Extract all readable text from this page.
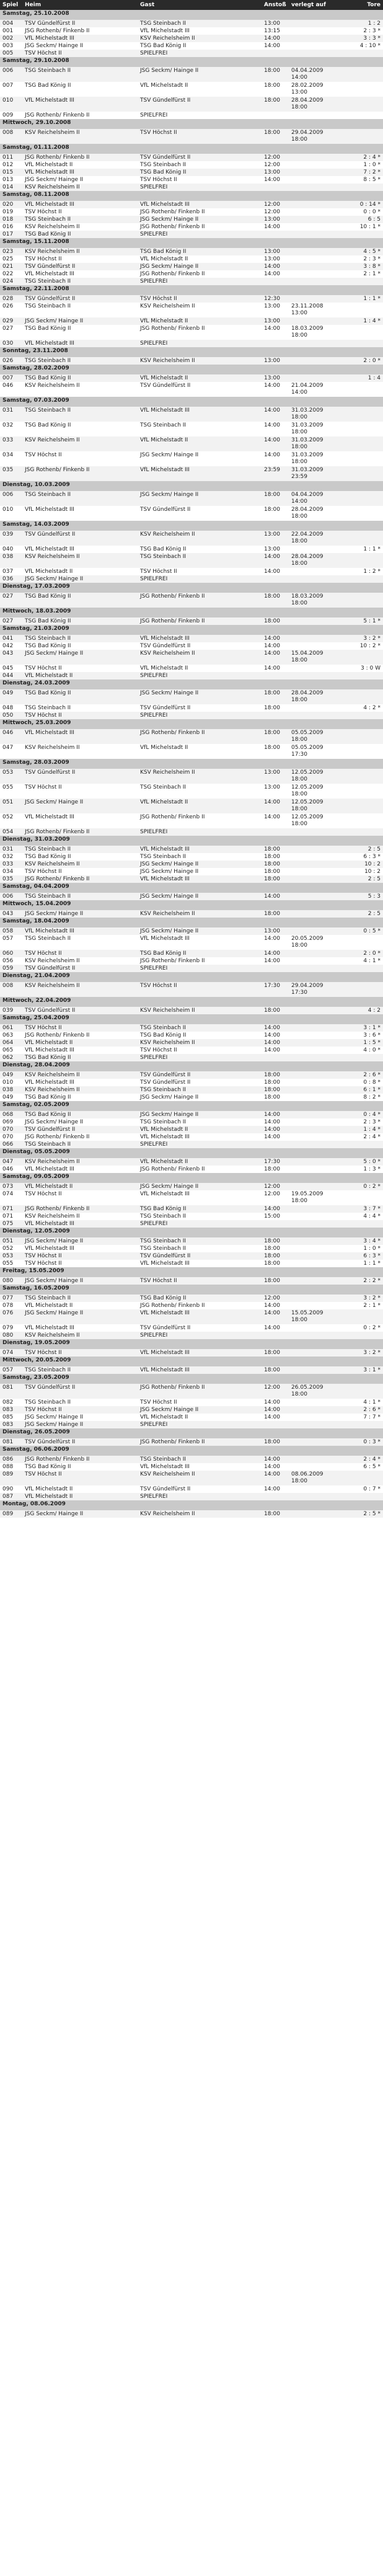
Spiel	Heim	Gast	Anstoß	verlegt auf	Tore
Samstag, 25.10.2008					
004	TSV Gündelfürst II	TSG Steinbach II	13:00		1 : 2
001	JSG Rothenb/ Finkenb II	VfL Michelstadt III	13:15		2 : 3 *
002	VfL Michelstadt III	KSV Reichelsheim II	14:00		3 : 3 *
003	JSG Seckm/ Hainge II	TSG Bad König II	14:00		4 : 10 *
005	TSV Höchst II	SPIELFREI			
Samstag, 29.10.2008					
006	TSG Steinbach II	JSG Seckm/ Hainge II	18:00	04.04.2009 14:00	
007	TSG Bad König II	VfL Michelstadt II	18:00	28.02.2009 13:00	
010	VfL Michelstadt III	TSV Gündelfürst II	18:00	28.04.2009 18:00	
009	JSG Rothenb/ Finkenb II	SPIELFREI			
Mittwoch, 29.10.2008					
008	KSV Reichelsheim II	TSV Höchst II	18:00	29.04.2009 18:00	
Samstag, 01.11.2008					
011	JSG Rothenb/ Finkenb II	TSV Gündelfürst II	12:00		2 : 4 *
012	VfL Michelstadt II	TSG Steinbach II	12:00		1 : 0 *
015	VfL Michelstadt III	TSG Bad König II	13:00		7 : 2 *
013	JSG Seckm/ Hainge II	TSV Höchst II	14:00		8 : 5 *
014	KSV Reichelsheim II	SPIELFREI			
Samstag, 08.11.2008					
020	VfL Michelstadt III	VfL Michelstadt III	12:00		0 : 14 *
019	TSV Höchst II	JSG Rothenb/ Finkenb II	12:00		0 : 0 *
018	TSG Steinbach II	JSG Seckm/ Hainge II	13:00		6 : 5
016	KSV Reichelsheim II	JSG Rothenb/ Finkenb II	14:00		10 : 1 *
017	TSG Bad König II	SPIELFREI			
Samstag, 15.11.2008					
023	KSV Reichelsheim II	TSG Bad König II	13:00		4 : 5 *
025	TSV Höchst II	VfL Michelstadt II	13:00		2 : 3 *
021	TSV Gündelfürst II	JSG Seckm/ Hainge II	14:00		3 : 8 *
022	VfL Michelstadt III	JSG Rothenb/ Finkenb II	14:00		2 : 1 *
024	TSG Steinbach II	SPIELFREI			
Samstag, 22.11.2008					
028	TSV Gündelfürst II	TSV Höchst II	12:30		1 : 1 *
026	TSG Steinbach II	KSV Reichelsheim II	13:00	23.11.2008 13:00	
029	JSG Seckm/ Hainge II	VfL Michelstadt II	13:00		1 : 4 *
027	TSG Bad König II	JSG Rothenb/ Finkenb II	14:00	18.03.2009 18:00	
030	VfL Michelstadt III	SPIELFREI			
Sonntag, 23.11.2008					
026	TSG Steinbach II	KSV Reichelsheim II	13:00		2 : 0 *
Samstag, 28.02.2009					
007	TSG Bad König II	VfL Michelstadt II	13:00		1 : 4
046	KSV Reichelsheim II	TSV Gündelfürst II	14:00	21.04.2009 14:00	
Samstag, 07.03.2009					
031	TSG Steinbach II	VfL Michelstadt III	14:00	31.03.2009 18:00	
032	TSG Bad König II	TSG Steinbach II	14:00	31.03.2009 18:00	
033	KSV Reichelsheim II	VfL Michelstadt II	14:00	31.03.2009 18:00	
034	TSV Höchst II	JSG Seckm/ Hainge II	14:00	31.03.2009 18:00	
035	JSG Rothenb/ Finkenb II	VfL Michelstadt III	23:59	31.03.2009 23:59	
Dienstag, 10.03.2009					
006	TSG Steinbach II	JSG Seckm/ Hainge II	18:00	04.04.2009 14:00	
010	VfL Michelstadt III	TSV Gündelfürst II	18:00	28.04.2009 18:00	
Samstag, 14.03.2009					
039	TSV Gündelfürst II	KSV Reichelsheim II	13:00	22.04.2009 18:00	
040	VfL Michelstadt III	TSG Bad König II	13:00		1 : 1 *
038	KSV Reichelsheim II	TSG Steinbach II	14:00	28.04.2009 18:00	
037	VfL Michelstadt II	TSV Höchst II	14:00		1 : 2 *
036	JSG Seckm/ Hainge II	SPIELFREI			
Dienstag, 17.03.2009					
027	TSG Bad König II	JSG Rothenb/ Finkenb II	18:00	18.03.2009 18:00	
Mittwoch, 18.03.2009					
027	TSG Bad König II	JSG Rothenb/ Finkenb II	18:00		5 : 1 *
Samstag, 21.03.2009					
041	TSG Steinbach II	VfL Michelstadt III	14:00		3 : 2 *
042	TSG Bad König II	TSV Gündelfürst II	14:00		10 : 2 *
043	JSG Seckm/ Hainge II	KSV Reichelsheim II	14:00	15.04.2009 18:00	
045	TSV Höchst II	VfL Michelstadt II	14:00		3 : 0 W
044	VfL Michelstadt II	SPIELFREI			
Dienstag, 24.03.2009					
049	TSG Bad König II	JSG Seckm/ Hainge II	18:00	28.04.2009 18:00	
048	TSG Steinbach II	TSV Gündelfürst II	18:00		4 : 2 *
050	TSV Höchst II	SPIELFREI			
Mittwoch, 25.03.2009					
046	VfL Michelstadt III	JSG Rothenb/ Finkenb II	18:00	05.05.2009 18:00	
047	KSV Reichelsheim II	VfL Michelstadt II	18:00	05.05.2009 17:30	
Samstag, 28.03.2009					
053	TSV Gündelfürst II	KSV Reichelsheim II	13:00	12.05.2009 18:00	
055	TSV Höchst II	TSG Steinbach II	13:00	12.05.2009 18:00	
051	JSG Seckm/ Hainge II	VfL Michelstadt II	14:00	12.05.2009 18:00	
052	VfL Michelstadt III	JSG Rothenb/ Finkenb II	14:00	12.05.2009 18:00	
054	JSG Rothenb/ Finkenb II	SPIELFREI			
Dienstag, 31.03.2009					
031	TSG Steinbach II	VfL Michelstadt III	18:00		2 : 5
032	TSG Bad König II	TSG Steinbach II	18:00		6 : 3 *
033	KSV Reichelsheim II	JSG Seckm/ Hainge II	18:00		10 : 2
034	TSV Höchst II	JSG Seckm/ Hainge II	18:00		10 : 2
035	JSG Rothenb/ Finkenb II	VfL Michelstadt III	18:00		2 : 5
Samstag, 04.04.2009					
006	TSG Steinbach II	JSG Seckm/ Hainge II	14:00		5 : 3
Mittwoch, 15.04.2009					
043	JSG Seckm/ Hainge II	KSV Reichelsheim II	18:00		2 : 5
Samstag, 18.04.2009					
058	VfL Michelstadt III	JSG Seckm/ Hainge II	13:00		0 : 5 *
057	TSG Steinbach II	VfL Michelstadt III	14:00	20.05.2009 18:00	
060	TSV Höchst II	TSG Bad König II	14:00		2 : 0 *
056	KSV Reichelsheim II	JSG Rothenb/ Finkenb II	14:00		4 : 1 *
059	TSV Gündelfürst II	SPIELFREI			
Dienstag, 21.04.2009					
008	KSV Reichelsheim II	TSV Höchst II	17:30	29.04.2009 17:30	
Mittwoch, 22.04.2009					
039	TSV Gündelfürst II	KSV Reichelsheim II	18:00		4 : 2
Samstag, 25.04.2009					
061	TSV Höchst II	TSG Steinbach II	14:00		3 : 1 *
063	JSG Rothenb/ Finkenb II	TSG Bad König II	14:00		3 : 6 *
064	VfL Michelstadt II	KSV Reichelsheim II	14:00		1 : 5 *
065	VfL Michelstadt III	TSV Höchst II	14:00		4 : 0 *
062	TSG Bad König II	SPIELFREI			
Dienstag, 28.04.2009					
049	KSV Reichelsheim II	TSV Gündelfürst II	18:00		2 : 6 *
010	VfL Michelstadt III	TSV Gündelfürst II	18:00		0 : 8 *
038	KSV Reichelsheim II	TSG Steinbach II	18:00		6 : 1 *
049	TSG Bad König II	JSG Seckm/ Hainge II	18:00		8 : 2 *
Samstag, 02.05.2009					
068	TSG Bad König II	JSG Seckm/ Hainge II	14:00		0 : 4 *
069	JSG Seckm/ Hainge II	TSG Steinbach II	14:00		2 : 3 *
070	TSV Gündelfürst II	VfL Michelstadt II	14:00		1 : 4 *
070	JSG Rothenb/ Finkenb II	VfL Michelstadt III	14:00		2 : 4 *
066	TSG Steinbach II	SPIELFREI			
Dienstag, 05.05.2009					
047	KSV Reichelsheim II	VfL Michelstadt II	17:30		5 : 0 *
046	VfL Michelstadt III	JSG Rothenb/ Finkenb II	18:00		1 : 3 *
Samstag, 09.05.2009					
073	VfL Michelstadt II	JSG Seckm/ Hainge II	12:00		0 : 2 *
074	TSV Höchst II	VfL Michelstadt III	12:00	19.05.2009 18:00	
071	JSG Rothenb/ Finkenb II	TSG Bad König II	14:00		3 : 7 *
071	KSV Reichelsheim II	TSG Steinbach II	15:00		4 : 4 *
075	VfL Michelstadt III	SPIELFREI			
Dienstag, 12.05.2009					
051	JSG Seckm/ Hainge II	TSG Steinbach II	18:00		3 : 4 *
052	VfL Michelstadt III	TSG Steinbach II	18:00		1 : 0 *
053	TSV Höchst II	TSV Gündelfürst II	18:00		6 : 3 *
055	TSV Höchst II	VfL Michelstadt III	18:00		1 : 1 *
Freitag, 15.05.2009					
080	JSG Seckm/ Hainge II	TSV Höchst II	18:00		2 : 2 *
Samstag, 16.05.2009					
077	TSG Steinbach II	TSG Bad König II	12:00		3 : 2 *
078	VfL Michelstadt II	JSG Rothenb/ Finkenb II	14:00		2 : 1 *
076	JSG Seckm/ Hainge II	VfL Michelstadt III	14:00	15.05.2009 18:00	
079	VfL Michelstadt III	TSV Gündelfürst II	14:00		0 : 2 *
080	KSV Reichelsheim II	SPIELFREI			
Dienstag, 19.05.2009					
074	TSV Höchst II	VfL Michelstadt III	18:00		3 : 2 *
Mittwoch, 20.05.2009					
057	TSG Steinbach II	VfL Michelstadt III	18:00		3 : 1 *
Samstag, 23.05.2009					
081	TSV Gündelfürst II	JSG Rothenb/ Finkenb II	12:00	26.05.2009 18:00	
082	TSG Steinbach II	TSV Höchst II	14:00		4 : 1 *
083	TSV Höchst II	JSG Seckm/ Hainge II	14:00		2 : 6 *
085	JSG Seckm/ Hainge II	VfL Michelstadt II	14:00		7 : 7 *
083	JSG Seckm/ Hainge II	SPIELFREI			
Dienstag, 26.05.2009					
081	TSV Gündelfürst II	JSG Rothenb/ Finkenb II	18:00		0 : 3 *
Samstag, 06.06.2009					
086	JSG Rothenb/ Finkenb II	TSG Steinbach II	14:00		2 : 4 *
088	TSG Bad König II	VfL Michelstadt III	14:00		6 : 5 *
089	TSV Höchst II	KSV Reichelsheim II	14:00	08.06.2009 18:00	
090	VfL Michelstadt II	TSV Gündelfürst II	14:00		0 : 7 *
087	VfL Michelstadt II	SPIELFREI			
Montag, 08.06.2009					
089	JSG Seckm/ Hainge II	KSV Reichelsheim II	18:00		2 : 5 *
